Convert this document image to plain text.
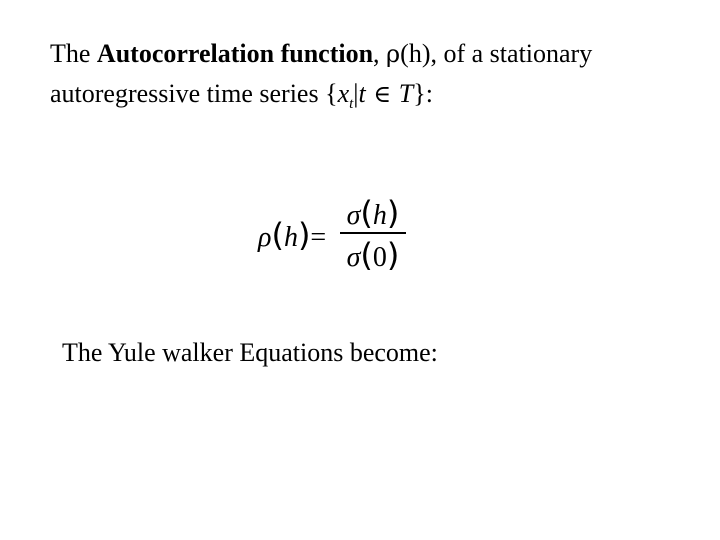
The Autocorrelation function, ρ(h), of a stationary
autoregressive time series {$x_t|t$ ∈ T}:

ρ(h)=
σ(h)
σ(0)

The Yule walker Equations become:
